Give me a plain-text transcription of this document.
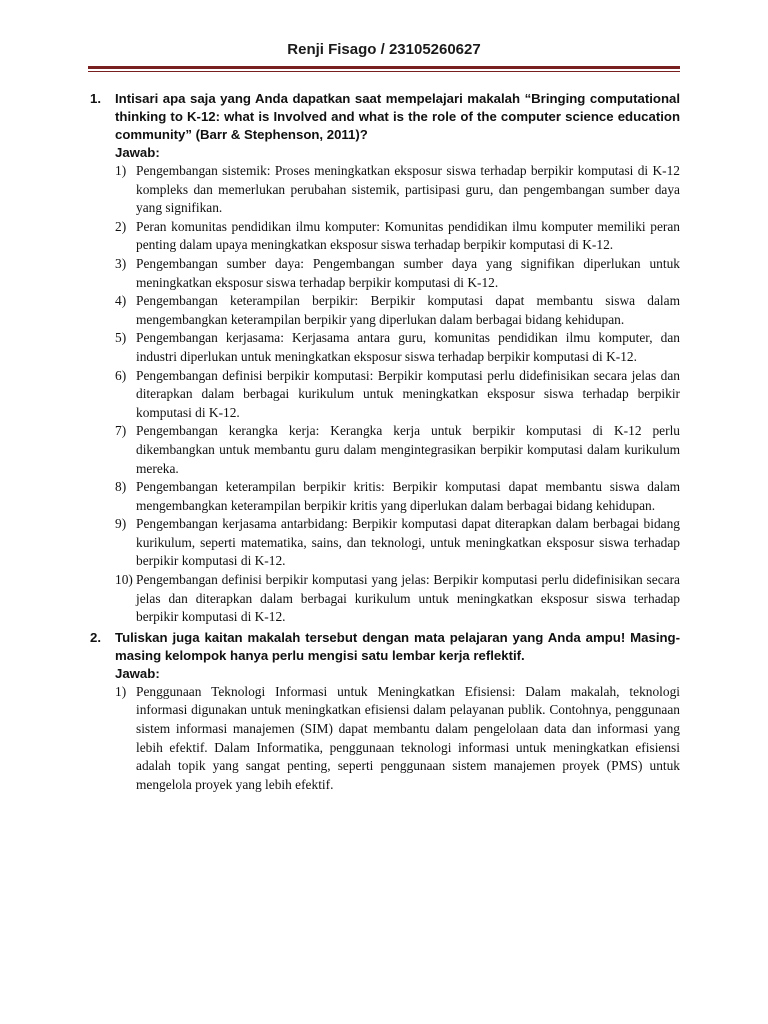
Renji Fisago / 23105260627
1. Intisari apa saja yang Anda dapatkan saat mempelajari makalah “Bringing computational thinking to K-12: what is Involved and what is the role of the computer science education community” (Barr & Stephenson, 2011)?
Jawab:
1) Pengembangan sistemik: Proses meningkatkan eksposur siswa terhadap berpikir komputasi di K-12 kompleks dan memerlukan perubahan sistemik, partisipasi guru, dan pengembangan sumber daya yang signifikan.
2) Peran komunitas pendidikan ilmu komputer: Komunitas pendidikan ilmu komputer memiliki peran penting dalam upaya meningkatkan eksposur siswa terhadap berpikir komputasi di K-12.
3) Pengembangan sumber daya: Pengembangan sumber daya yang signifikan diperlukan untuk meningkatkan eksposur siswa terhadap berpikir komputasi di K-12.
4) Pengembangan keterampilan berpikir: Berpikir komputasi dapat membantu siswa dalam mengembangkan keterampilan berpikir yang diperlukan dalam berbagai bidang kehidupan.
5) Pengembangan kerjasama: Kerjasama antara guru, komunitas pendidikan ilmu komputer, dan industri diperlukan untuk meningkatkan eksposur siswa terhadap berpikir komputasi di K-12.
6) Pengembangan definisi berpikir komputasi: Berpikir komputasi perlu didefinisikan secara jelas dan diterapkan dalam berbagai kurikulum untuk meningkatkan eksposur siswa terhadap berpikir komputasi di K-12.
7) Pengembangan kerangka kerja: Kerangka kerja untuk berpikir komputasi di K-12 perlu dikembangkan untuk membantu guru dalam mengintegrasikan berpikir komputasi dalam kurikulum mereka.
8) Pengembangan keterampilan berpikir kritis: Berpikir komputasi dapat membantu siswa dalam mengembangkan keterampilan berpikir kritis yang diperlukan dalam berbagai bidang kehidupan.
9) Pengembangan kerjasama antarbidang: Berpikir komputasi dapat diterapkan dalam berbagai bidang kurikulum, seperti matematika, sains, dan teknologi, untuk meningkatkan eksposur siswa terhadap berpikir komputasi di K-12.
10) Pengembangan definisi berpikir komputasi yang jelas: Berpikir komputasi perlu didefinisikan secara jelas dan diterapkan dalam berbagai kurikulum untuk meningkatkan eksposur siswa terhadap berpikir komputasi di K-12.
2. Tuliskan juga kaitan makalah tersebut dengan mata pelajaran yang Anda ampu! Masing-masing kelompok hanya perlu mengisi satu lembar kerja reflektif.
Jawab:
1) Penggunaan Teknologi Informasi untuk Meningkatkan Efisiensi: Dalam makalah, teknologi informasi digunakan untuk meningkatkan efisiensi dalam pelayanan publik. Contohnya, penggunaan sistem informasi manajemen (SIM) dapat membantu dalam pengelolaan data dan informasi yang lebih efektif. Dalam Informatika, penggunaan teknologi informasi untuk meningkatkan efisiensi adalah topik yang sangat penting, seperti penggunaan sistem manajemen proyek (PMS) untuk mengelola proyek yang lebih efektif.
